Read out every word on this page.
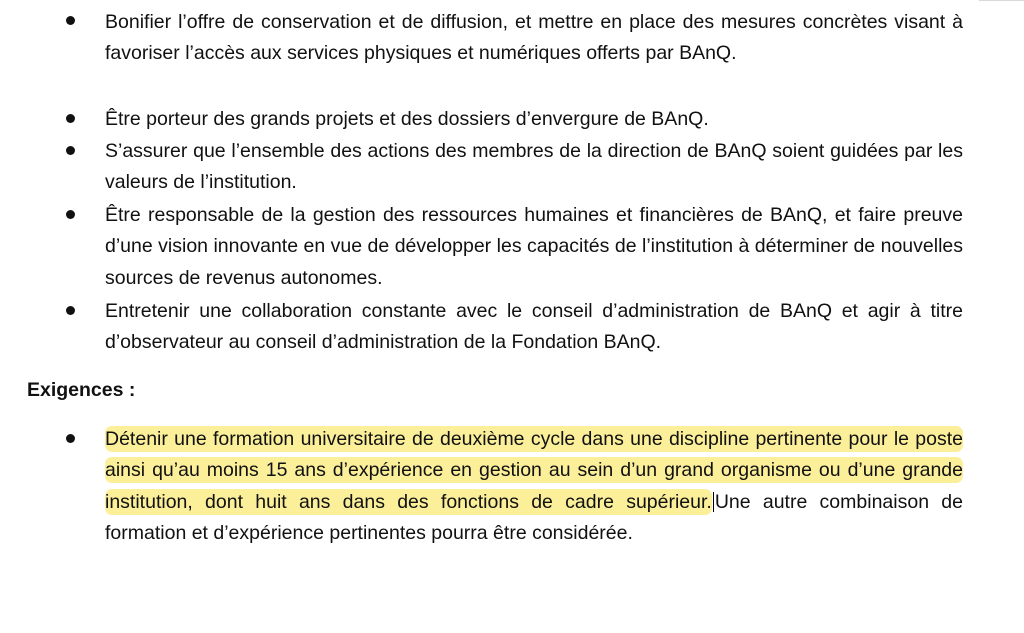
Bonifier l’offre de conservation et de diffusion, et mettre en place des mesures concrètes visant à favoriser l’accès aux services physiques et numériques offerts par BAnQ.
Être porteur des grands projets et des dossiers d’envergure de BAnQ.
S’assurer que l’ensemble des actions des membres de la direction de BAnQ soient guidées par les valeurs de l’institution.
Être responsable de la gestion des ressources humaines et financières de BAnQ, et faire preuve d’une vision innovante en vue de développer les capacités de l’institution à déterminer de nouvelles sources de revenus autonomes.
Entretenir une collaboration constante avec le conseil d’administration de BAnQ et agir à titre d’observateur au conseil d’administration de la Fondation BAnQ.
Exigences :
Détenir une formation universitaire de deuxième cycle dans une discipline pertinente pour le poste ainsi qu’au moins 15 ans d’expérience en gestion au sein d’un grand organisme ou d’une grande institution, dont huit ans dans des fonctions de cadre supérieur. Une autre combinaison de formation et d’expérience pertinentes pourra être considérée.
